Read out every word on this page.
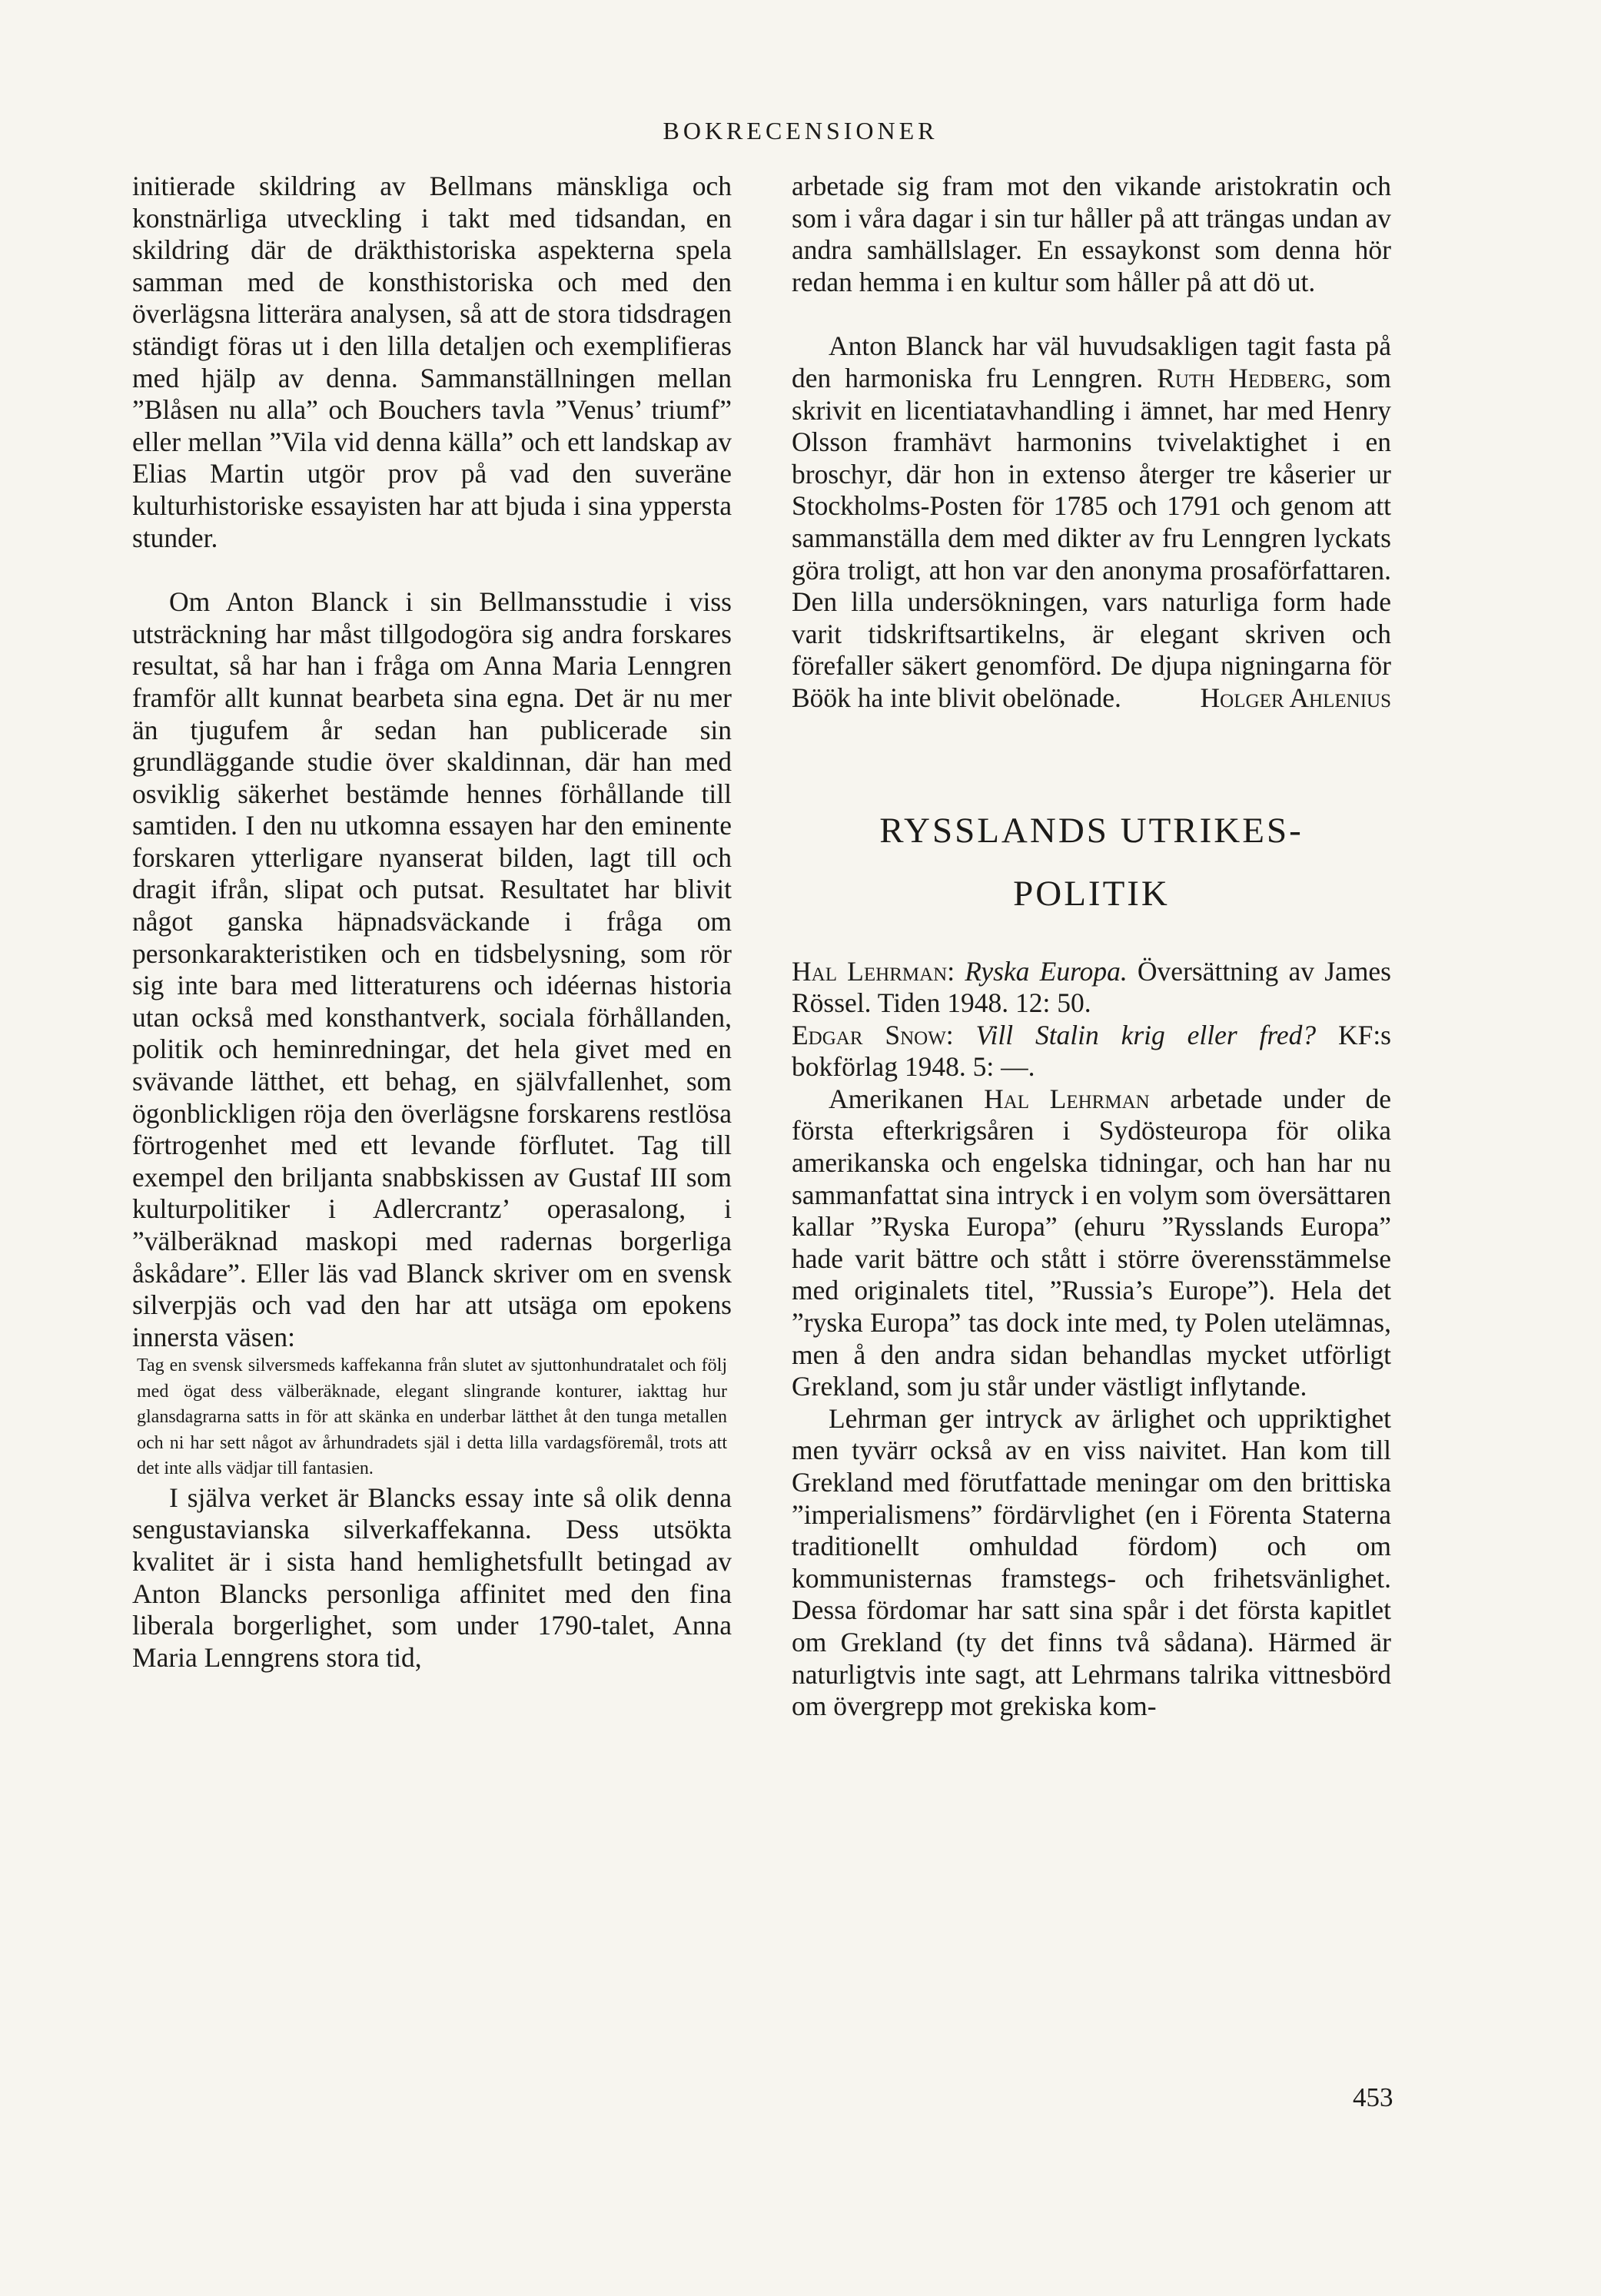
BOKRECENSIONER

initierade skildring av Bellmans mänskliga och konstnärliga utveckling i takt med tidsandan, en skildring där de dräkthistoriska aspekterna spela samman med de konsthistoriska och med den överlägsna litterära analysen, så att de stora tidsdragen ständigt föras ut i den lilla detaljen och exemplifieras med hjälp av denna. Sammanställningen mellan ”Blåsen nu alla” och Bouchers tavla ”Venus’ triumf” eller mellan ”Vila vid denna källa” och ett landskap av Elias Martin utgör prov på vad den suveräne kulturhistoriske essayisten har att bjuda i sina yppersta stunder.

Om Anton Blanck i sin Bellmansstudie i viss utsträckning har måst tillgodogöra sig andra forskares resultat, så har han i fråga om Anna Maria Lenngren framför allt kunnat bearbeta sina egna. Det är nu mer än tjugufem år sedan han publicerade sin grundläggande studie över skaldinnan, där han med osviklig säkerhet bestämde hennes förhållande till samtiden. I den nu utkomna essayen har den eminente forskaren ytterligare nyanserat bilden, lagt till och dragit ifrån, slipat och putsat. Resultatet har blivit något ganska häpnadsväckande i fråga om personkarakteristiken och en tidsbelysning, som rör sig inte bara med litteraturens och idéernas historia utan också med konsthantverk, sociala förhållanden, politik och heminredningar, det hela givet med en svävande lätthet, ett behag, en självfallenhet, som ögonblickligen röja den överlägsne forskarens restlösa förtrogenhet med ett levande förflutet. Tag till exempel den briljanta snabbskissen av Gustaf III som kulturpolitiker i Adlercrantz’ operasalong, i ”välberäknad maskopi med radernas borgerliga åskådare”. Eller läs vad Blanck skriver om en svensk silverpjäs och vad den har att utsäga om epokens innersta väsen:

Tag en svensk silversmeds kaffekanna från slutet av sjuttonhundratalet och följ med ögat dess välberäknade, elegant slingrande konturer, iakttag hur glansdagrarna satts in för att skänka en underbar lätthet åt den tunga metallen och ni har sett något av århundradets själ i detta lilla vardagsföremål, trots att det inte alls vädjar till fantasien.

I själva verket är Blancks essay inte så olik denna sengustavianska silverkaffekanna. Dess utsökta kvalitet är i sista hand hemlighetsfullt betingad av Anton Blancks personliga affinitet med den fina liberala borgerlighet, som under 1790-talet, Anna Maria Lenngrens stora tid,

arbetade sig fram mot den vikande aristokratin och som i våra dagar i sin tur håller på att trängas undan av andra samhällslager. En essaykonst som denna hör redan hemma i en kultur som håller på att dö ut.

Anton Blanck har väl huvudsakligen tagit fasta på den harmoniska fru Lenngren. Ruth Hedberg, som skrivit en licentiatavhandling i ämnet, har med Henry Olsson framhävt harmonins tvivelaktighet i en broschyr, där hon in extenso återger tre kåserier ur Stockholms-Posten för 1785 och 1791 och genom att sammanställa dem med dikter av fru Lenngren lyckats göra troligt, att hon var den anonyma prosaförfattaren. Den lilla undersökningen, vars naturliga form hade varit tidskriftsartikelns, är elegant skriven och förefaller säkert genomförd. De djupa nigningarna för Böök ha inte blivit obelönade.	Holger Ahlenius

RYSSLANDS UTRIKES-
POLITIK

Hal Lehrman: Ryska Europa. Översättning av James Rössel. Tiden 1948. 12: 50.

Edgar Snow: Vill Stalin krig eller fred? KF:s bokförlag 1948. 5: —.

Amerikanen Hal Lehrman arbetade under de första efterkrigsåren i Sydösteuropa för olika amerikanska och engelska tidningar, och han har nu sammanfattat sina intryck i en volym som översättaren kallar ”Ryska Europa” (ehuru ”Rysslands Europa” hade varit bättre och stått i större överensstämmelse med originalets titel, ”Russia’s Europe”). Hela det ”ryska Europa” tas dock inte med, ty Polen utelämnas, men å den andra sidan behandlas mycket utförligt Grekland, som ju står under västligt inflytande.

Lehrman ger intryck av ärlighet och uppriktighet men tyvärr också av en viss naivitet. Han kom till Grekland med förutfattade meningar om den brittiska ”imperialismens” fördärvlighet (en i Förenta Staterna traditionellt omhuldad fördom) och om kommunisternas framstegs- och frihetsvänlighet. Dessa fördomar har satt sina spår i det första kapitlet om Grekland (ty det finns två sådana). Härmed är naturligtvis inte sagt, att Lehrmans talrika vittnesbörd om övergrepp mot grekiska kom-

453
